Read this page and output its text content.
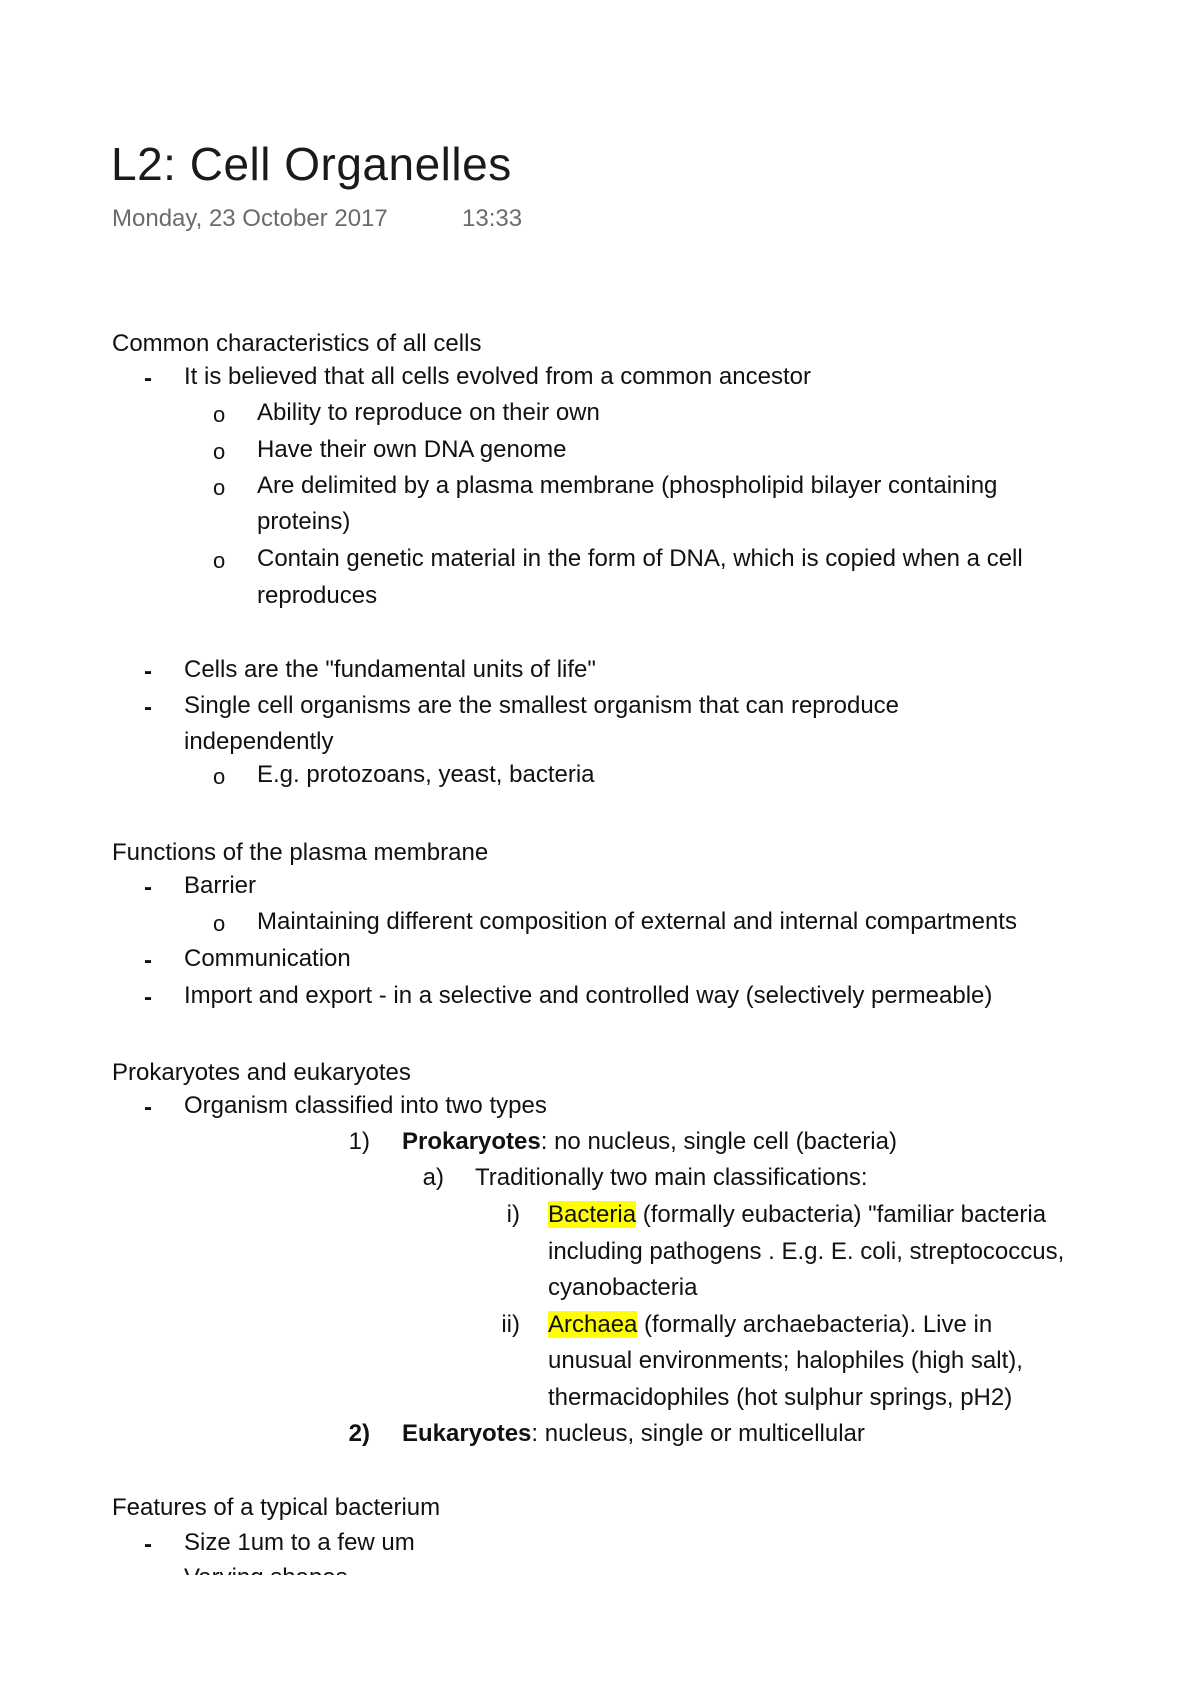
L2: Cell Organelles
Monday, 23 October 2017	13:33
Common characteristics of all cells
- It is believed that all cells evolved from a common ancestor
o Ability to reproduce on their own
o Have their own DNA genome
o Are delimited by a plasma membrane (phospholipid bilayer containing
proteins)
o Contain genetic material in the form of DNA, which is copied when a cell
reproduces
- Cells are the "fundamental units of life"
- Single cell organisms are the smallest organism that can reproduce
independently
o E.g. protozoans, yeast, bacteria
Functions of the plasma membrane
- Barrier
o Maintaining different composition of external and internal compartments
- Communication
- Import and export - in a selective and controlled way (selectively permeable)
Prokaryotes and eukaryotes
- Organism classified into two types
1) Prokaryotes: no nucleus, single cell (bacteria)
a) Traditionally two main classifications:
i) Bacteria (formally eubacteria) "familiar bacteria
including pathogens . E.g. E. coli, streptococcus,
cyanobacteria
ii) Archaea (formally archaebacteria). Live in
unusual environments; halophiles (high salt),
thermacidophiles (hot sulphur springs, pH2)
2) Eukaryotes: nucleus, single or multicellular
Features of a typical bacterium
- Size 1um to a few um
